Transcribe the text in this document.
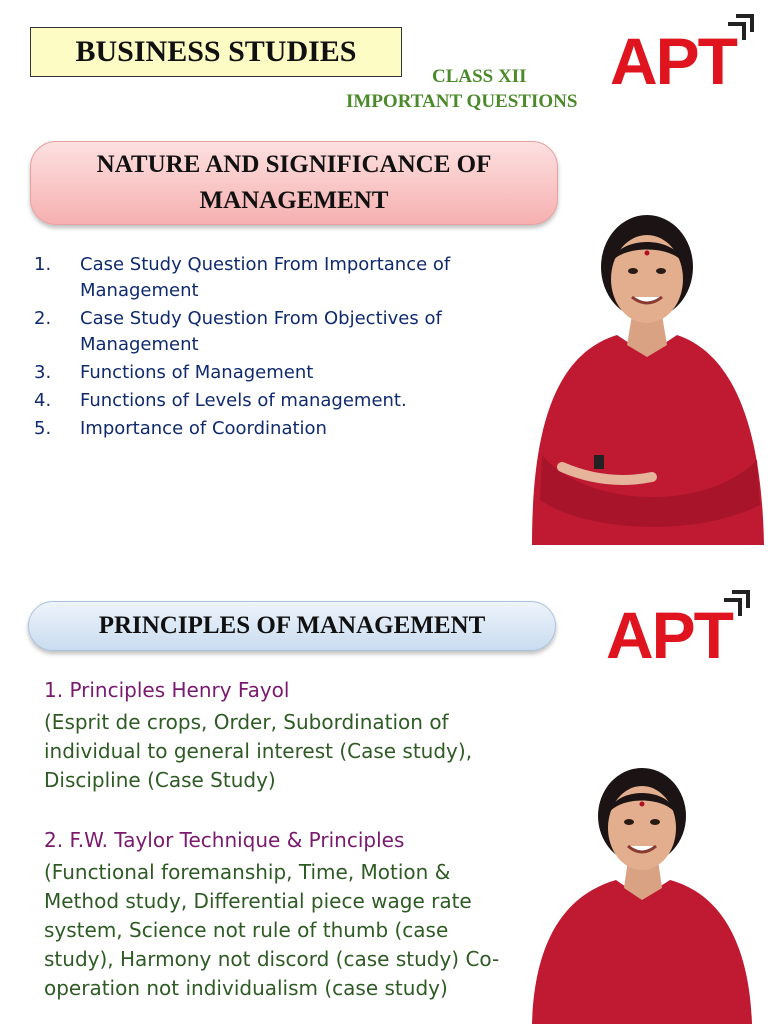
BUSINESS STUDIES
CLASS XII
IMPORTANT QUESTIONS
APT
NATURE AND SIGNIFICANCE OF MANAGEMENT
1.	Case Study Question From Importance of Management
2.	Case Study Question From Objectives of Management
3.	Functions of Management
4.	Functions of Levels of management.
5.	Importance of Coordination
PRINCIPLES OF MANAGEMENT	APT
1. Principles Henry Fayol
(Esprit de crops, Order, Subordination of individual to general interest (Case study), Discipline (Case Study)
2. F.W. Taylor Technique & Principles
(Functional foremanship, Time, Motion & Method study, Differential piece wage rate system, Science not rule of thumb (case study), Harmony not discord (case study) Co-operation not individualism (case study)
